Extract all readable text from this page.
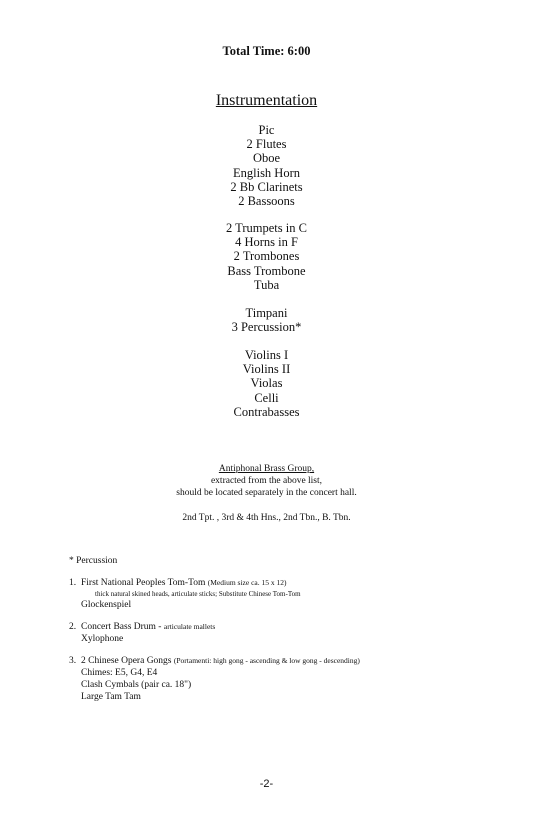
Total Time: 6:00
Instrumentation
Pic
2 Flutes
Oboe
English Horn
2 Bb Clarinets
2 Bassoons
2 Trumpets in C
4 Horns in F
2 Trombones
Bass Trombone
Tuba
Timpani
3 Percussion*
Violins I
Violins II
Violas
Celli
Contrabasses
Antiphonal Brass Group,
extracted from the above list,
should be located separately in the concert hall.
2nd Tpt. , 3rd & 4th Hns., 2nd Tbn., B. Tbn.
* Percussion
1. First National Peoples Tom-Tom (Medium size ca. 15 x 12)
thick natural skined heads, articulate sticks; Substitute Chinese Tom-Tom
Glockenspiel
2. Concert Bass Drum - articulate mallets
Xylophone
3. 2 Chinese Opera Gongs (Portamenti: high gong - ascending & low gong - descending)
Chimes: E5, G4, E4
Clash Cymbals (pair ca. 18")
Large Tam Tam
-2-
